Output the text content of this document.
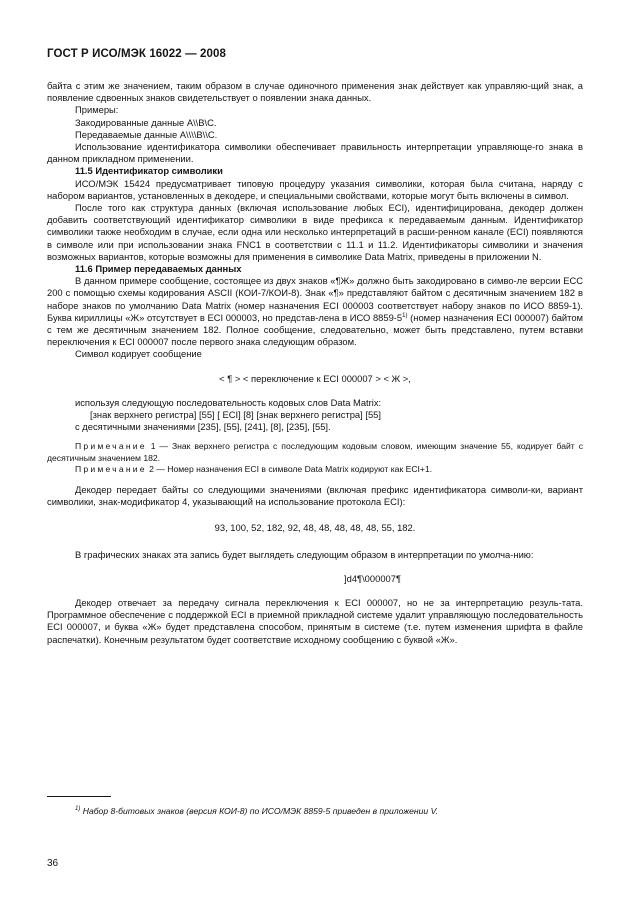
ГОСТ Р ИСО/МЭК 16022 — 2008

байта с этим же значением, таким образом в случае одиночного применения знак действует как управляю-щий знак, а появление сдвоенных знаков свидетельствует о появлении знака данных.

Примеры:

Закодированные данные A\\B\C.

Передаваемые данные A\\\\B\\C.

Использование идентификатора символики обеспечивает правильность интерпретации управляюще-го знака в данном прикладном применении.

11.5 Идентификатор символики

ИСО/МЭК 15424 предусматривает типовую процедуру указания символики, которая была считана, наряду с набором вариантов, установленных в декодере, и специальными свойствами, которые могут быть включены в символ.

После того как структура данных (включая использование любых ECI), идентифицирована, декодер должен добавить соответствующий идентификатор символики в виде префикса к передаваемым данным. Идентификатор символики также необходим в случае, если одна или несколько интерпретаций в расши-ренном канале (ECI) появляются в символе или при использовании знака FNC1 в соответствии с 11.1 и 11.2. Идентификаторы символики и значения возможных вариантов, которые возможны для применения в символике Data Matrix, приведены в приложении N.

11.6 Пример передаваемых данных

В данном примере сообщение, состоящее из двух знаков «¶Ж» должно быть закодировано в симво-ле версии ECC 200 с помощью схемы кодирования ASCII (КОИ-7/КОИ-8). Знак «¶» представляют байтом с десятичным значением 182 в наборе знаков по умолчанию Data Matrix (номер назначения ECI 000003 соответствует набору знаков по ИСО 8859-1). Буква кириллицы «Ж» отсутствует в ECI 000003, но представ-лена в ИСО 8859-5$^{1)}$ (номер назначения ECI 000007) байтом с тем же десятичным значением 182. Полное сообщение, следовательно, может быть представлено, путем вставки переключения к ECI 000007 после первого знака следующим образом.

Символ кодирует сообщение

< ¶ > < переключение к ECI 000007 > < Ж >,

используя следующую последовательность кодовых слов Data Matrix:

[знак верхнего регистра] [55] [ ECI] [8] [знак верхнего регистра] [55]

с десятичными значениями [235], [55], [241], [8], [235], [55].

Примечание 1 — Знак верхнего регистра с последующим кодовым словом, имеющим значение 55, кодирует байт с десятичным значением 182.

Примечание 2 — Номер назначения ECI в символе Data Matrix кодируют как ECI+1.

Декодер передает байты со следующими значениями (включая префикс идентификатора символи-ки, вариант символики, знак-модификатор 4, указывающий на использование протокола ECI):

93, 100, 52, 182, 92, 48, 48, 48, 48, 48, 55, 182.

В графических знаках эта запись будет выглядеть следующим образом в интерпретации по умолча-нию:

]d4¶\000007¶

Декодер отвечает за передачу сигнала переключения к ECI 000007, но не за интерпретацию резуль-тата. Программное обеспечение с поддержкой ECI в приемной прикладной системе удалит управляющую последовательность ECI 000007, и буква «Ж» будет представлена способом, принятым в системе (т.е. путем изменения шрифта в файле распечатки). Конечным результатом будет соответствие исходному сообщению с буквой «Ж».

$^{1)}$ Набор 8-битовых знаков (версия КОИ-8) по ИСО/МЭК 8859-5 приведен в приложении V.
36
